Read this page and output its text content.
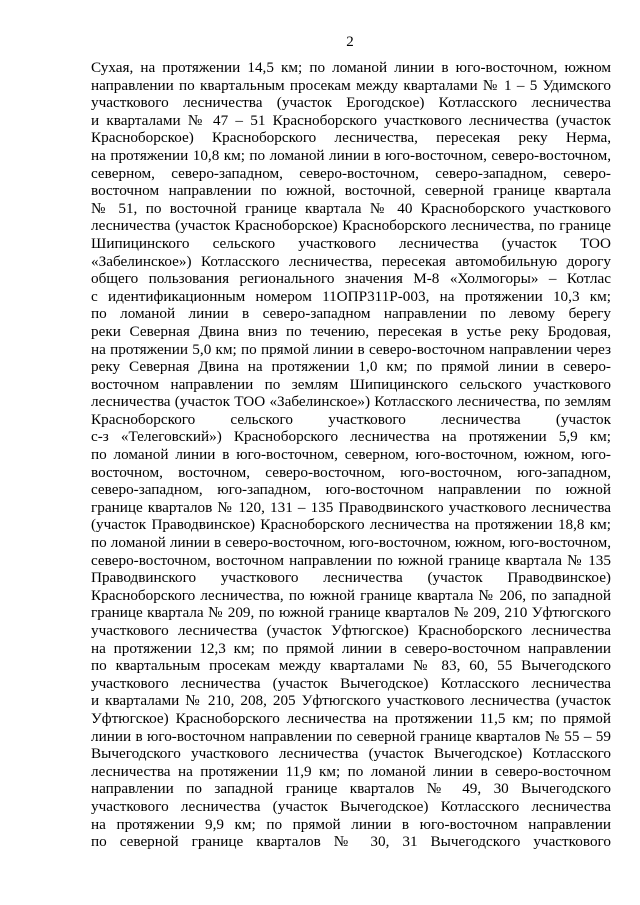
2
Сухая, на протяжении 14,5 км; по ломаной линии в юго-восточном, южном
направлении по квартальным просекам между кварталами № 1 – 5 Удимского
участкового лесничества (участок Ерогодское) Котласского лесничества
и кварталами № 47 – 51 Красноборского участкового лесничества (участок
Красноборское) Красноборского лесничества, пересекая реку Нерма,
на протяжении 10,8 км; по ломаной линии в юго-восточном, северо-восточном,
северном, северо-западном, северо-восточном, северо-западном, северо-
восточном направлении по южной, восточной, северной границе квартала
№ 51, по восточной границе квартала № 40 Красноборского участкового
лесничества (участок Красноборское) Красноборского лесничества, по границе
Шипицинского сельского участкового лесничества (участок ТОО
«Забелинское») Котласского лесничества, пересекая автомобильную дорогу
общего пользования регионального значения М-8 «Холмогоры» – Котлас
с идентификационным номером 11ОПР311Р-003, на протяжении 10,3 км;
по ломаной линии в северо-западном направлении по левому берегу
реки Северная Двина вниз по течению, пересекая в устье реку Бродовая,
на протяжении 5,0 км; по прямой линии в северо-восточном направлении через
реку Северная Двина на протяжении 1,0 км; по прямой линии в северо-
восточном направлении по землям Шипицинского сельского участкового
лесничества (участок ТОО «Забелинское») Котласского лесничества, по землям
Красноборского сельского участкового лесничества (участок
с-з «Телеговский») Красноборского лесничества на протяжении 5,9 км;
по ломаной линии в юго-восточном, северном, юго-восточном, южном, юго-
восточном, восточном, северо-восточном, юго-восточном, юго-западном,
северо-западном, юго-западном, юго-восточном направлении по южной
границе кварталов № 120, 131 – 135 Праводвинского участкового лесничества
(участок Праводвинское) Красноборского лесничества на протяжении 18,8 км;
по ломаной линии в северо-восточном, юго-восточном, южном, юго-восточном,
северо-восточном, восточном направлении по южной границе квартала № 135
Праводвинского участкового лесничества (участок Праводвинское)
Красноборского лесничества, по южной границе квартала № 206, по западной
границе квартала № 209, по южной границе кварталов № 209, 210 Уфтюгского
участкового лесничества (участок Уфтюгское) Красноборского лесничества
на протяжении 12,3 км; по прямой линии в северо-восточном направлении
по квартальным просекам между кварталами № 83, 60, 55 Вычегодского
участкового лесничества (участок Вычегодское) Котласского лесничества
и кварталами № 210, 208, 205 Уфтюгского участкового лесничества (участок
Уфтюгское) Красноборского лесничества на протяжении 11,5 км; по прямой
линии в юго-восточном направлении по северной границе кварталов № 55 – 59
Вычегодского участкового лесничества (участок Вычегодское) Котласского
лесничества на протяжении 11,9 км; по ломаной линии в северо-восточном
направлении по западной границе кварталов № 49, 30 Вычегодского
участкового лесничества (участок Вычегодское) Котласского лесничества
на протяжении 9,9 км; по прямой линии в юго-восточном направлении
по северной границе кварталов № 30, 31 Вычегодского участкового
